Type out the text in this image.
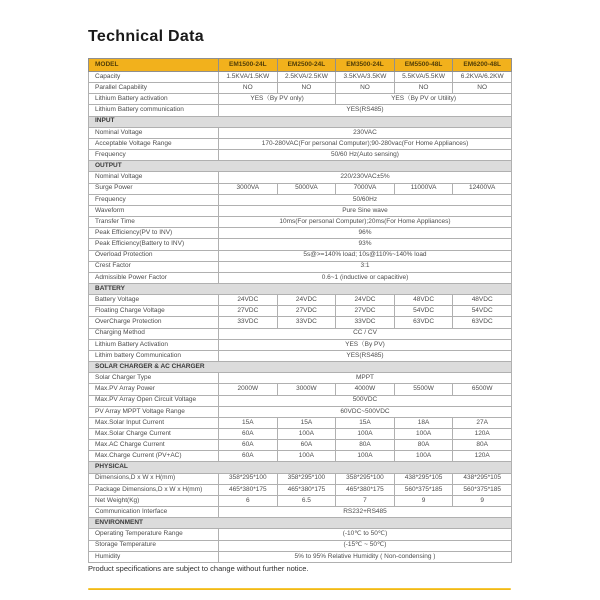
Technical Data
MODEL	EM1500-24L	EM2500-24L	EM3500-24L	EM5500-48L	EM6200-48L
Capacity	1.5KVA/1.5KW	2.5KVA/2.5KW	3.5KVA/3.5KW	5.5KVA/5.5KW	6.2KVA/6.2KW
Parallel Capability	NO	NO	NO	NO	NO
Lithium Battery activation	YES（By PV only)		YES（By PV or Utility)		
Lithium Battery communication	YES(RS485)				
INPUT					
Nominal Voltage	230VAC				
Acceptable Voltage Range	170-280VAC(For personal Computer);90-280vac(For Home Appliances)				
Frequency	50/60 Hz(Auto sensing)				
OUTPUT					
Nominal Voltage	220/230VAC±5%				
Surge Power	3000VA	5000VA	7000VA	11000VA	12400VA
Frequency	50/60Hz				
Waveform	Pure Sine wave				
Transfer Time	10ms(For personal Computer);20ms(For Home Appliances)				
Peak Efficiency(PV to INV)	96%				
Peak Efficiency(Battery to INV)	93%				
Overload Protection	5s@>=140% load; 10s@110%~140% load				
Crest Factor	3:1				
Admissible Power Factor	0.6~1 (inductive or capacitive)				
BATTERY					
Battery Voltage	24VDC	24VDC	24VDC	48VDC	48VDC
Floating Charge Voltage	27VDC	27VDC	27VDC	54VDC	54VDC
OverCharge Protection	33VDC	33VDC	33VDC	63VDC	63VDC
Charging Method	CC / CV				
Lithium Battery Activation	YES（By PV)				
Lithim battery Communication	YES(RS485)				
SOLAR CHARGER & AC CHARGER					
Solar Charger Type	MPPT				
Max.PV Array Power	2000W	3000W	4000W	5500W	6500W
Max.PV Array Open Circuit Voltage	500VDC				
PV Array MPPT Voltage Range	60VDC~500VDC				
Max.Solar Input Current	15A	15A	15A	18A	27A
Max.Solar Charge Current	60A	100A	100A	100A	120A
Max.AC Charge Current	60A	60A	80A	80A	80A
Max.Charge Current (PV+AC)	60A	100A	100A	100A	120A
PHYSICAL					
Dimensions,D x W x H(mm)	358*295*100	358*295*100	358*295*100	438*295*105	438*295*105
Package Dimensions,D x W x H(mm)	465*380*175	465*380*175	465*380*175	560*375*185	560*375*185
Net Weight(Kg)	6	6.5	7	9	9
Communication Interface	RS232+RS485				
ENVIRONMENT					
Operating Temperature Range	(-10℃ to 50℃)				
Storage Temperature	(-15℃ ~ 50℃)				
Humidity	5% to 95% Relative Humidity ( Non-condensing )				

Product specifications are subject to change without further notice.
